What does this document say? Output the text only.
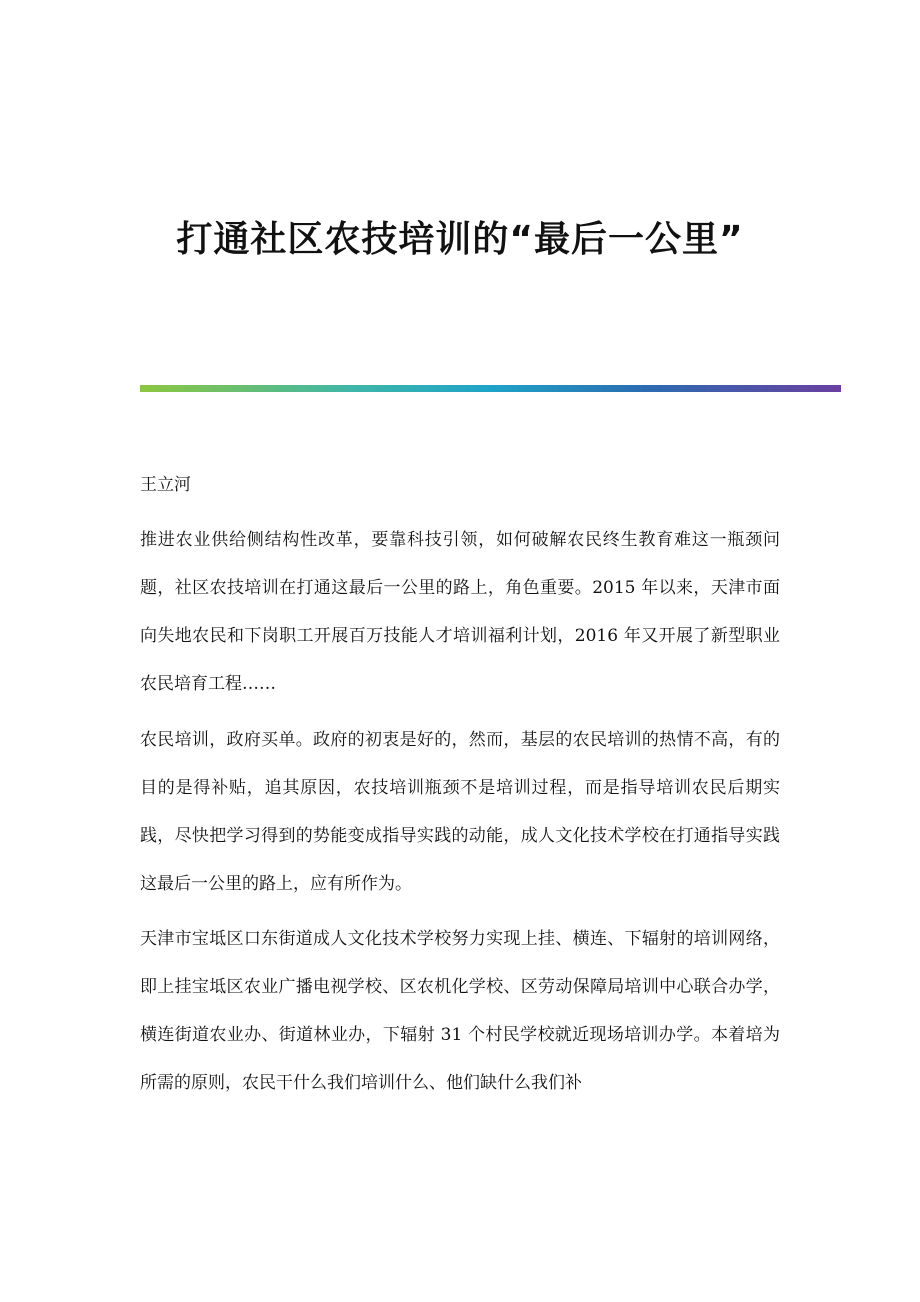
打通社区农技培训的“最后一公里”

王立河

推进农业供给侧结构性改革，要靠科技引领，如何破解农民终生教育难这一瓶颈问题，社区农技培训在打通这最后一公里的路上，角色重要。2015 年以来，天津市面向失地农民和下岗职工开展百万技能人才培训福利计划，2016 年又开展了新型职业农民培育工程……

农民培训，政府买单。政府的初衷是好的，然而，基层的农民培训的热情不高，有的目的是得补贴，追其原因，农技培训瓶颈不是培训过程，而是指导培训农民后期实践，尽快把学习得到的势能变成指导实践的动能，成人文化技术学校在打通指导实践这最后一公里的路上，应有所作为。

天津市宝坻区口东街道成人文化技术学校努力实现上挂、横连、下辐射的培训网络，即上挂宝坻区农业广播电视学校、区农机化学校、区劳动保障局培训中心联合办学，横连街道农业办、街道林业办，下辐射 31 个村民学校就近现场培训办学。本着培为所需的原则，农民干什么我们培训什么、他们缺什么我们补
